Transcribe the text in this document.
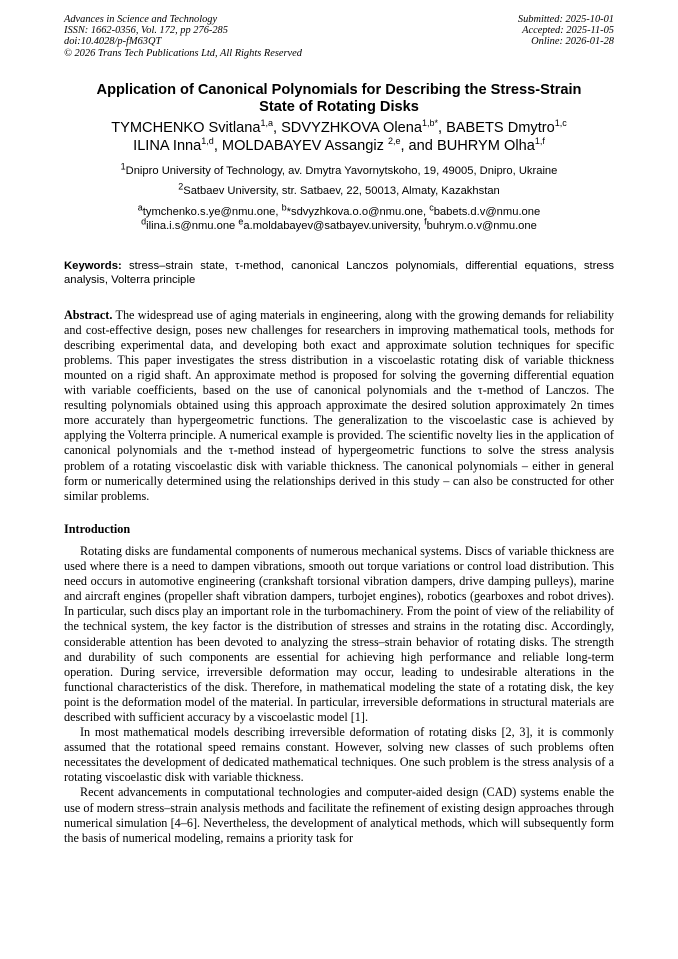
Advances in Science and Technology
ISSN: 1662-0356, Vol. 172, pp 276-285
doi:10.4028/p-fM63QT
© 2026 Trans Tech Publications Ltd, All Rights Reserved
Submitted: 2025-10-01
Accepted: 2025-11-05
Online: 2026-01-28
Application of Canonical Polynomials for Describing the Stress-Strain
State of Rotating Disks
TYMCHENKO Svitlana$^{1,a}$, SDVYZHKOVA Olena$^{1,b*}$, BABETS Dmytro$^{1,c}$
ILINA Inna$^{1,d}$, MOLDABAYEV Assangiz $^{2,e}$, and BUHRYM Olha$^{1,f}$
$^1$Dnipro University of Technology, av. Dmytra Yavornytskoho, 19, 49005, Dnipro, Ukraine
$^2$Satbaev University, str. Satbaev, 22, 50013, Almaty, Kazakhstan
$^a$tymchenko.s.ye@nmu.one, $^b$*sdvyzhkova.o.o@nmu.one, $^c$babets.d.v@nmu.one
$^d$ilina.i.s@nmu.one $^e$a.moldabayev@satbayev.university, $^f$buhrym.o.v@nmu.one
Keywords: stress–strain state, τ-method, canonical Lanczos polynomials, differential equations, stress analysis, Volterra principle
Abstract. The widespread use of aging materials in engineering, along with the growing demands for reliability and cost-effective design, poses new challenges for researchers in improving mathematical tools, methods for describing experimental data, and developing both exact and approximate solution techniques for specific problems. This paper investigates the stress distribution in a viscoelastic rotating disk of variable thickness mounted on a rigid shaft. An approximate method is proposed for solving the governing differential equation with variable coefficients, based on the use of canonical polynomials and the τ-method of Lanczos. The resulting polynomials obtained using this approach approximate the desired solution approximately 2n times more accurately than hypergeometric functions. The generalization to the viscoelastic case is achieved by applying the Volterra principle. A numerical example is provided. The scientific novelty lies in the application of canonical polynomials and the τ-method instead of hypergeometric functions to solve the stress analysis problem of a rotating viscoelastic disk with variable thickness. The canonical polynomials – either in general form or numerically determined using the relationships derived in this study – can also be constructed for other similar problems.
Introduction

Rotating disks are fundamental components of numerous mechanical systems. Discs of variable thickness are used where there is a need to dampen vibrations, smooth out torque variations or control load distribution. This need occurs in automotive engineering (crankshaft torsional vibration dampers, drive damping pulleys), marine and aircraft engines (propeller shaft vibration dampers, turbojet engines), robotics (gearboxes and robot drives). In particular, such discs play an important role in the turbomachinery. From the point of view of the reliability of the technical system, the key factor is the distribution of stresses and strains in the rotating disc. Accordingly, considerable attention has been devoted to analyzing the stress–strain behavior of rotating disks. The strength and durability of such components are essential for achieving high performance and reliable long-term operation. During service, irreversible deformation may occur, leading to undesirable alterations in the functional characteristics of the disk. Therefore, in mathematical modeling the state of a rotating disk, the key point is the deformation model of the material. In particular, irreversible deformations in structural materials are described with sufficient accuracy by a viscoelastic model [1].

In most mathematical models describing irreversible deformation of rotating disks [2, 3], it is commonly assumed that the rotational speed remains constant. However, solving new classes of such problems often necessitates the development of dedicated mathematical techniques. One such problem is the stress analysis of a rotating viscoelastic disk with variable thickness.

Recent advancements in computational technologies and computer-aided design (CAD) systems enable the use of modern stress–strain analysis methods and facilitate the refinement of existing design approaches through numerical simulation [4–6]. Nevertheless, the development of analytical methods, which will subsequently form the basis of numerical modeling, remains a priority task for
